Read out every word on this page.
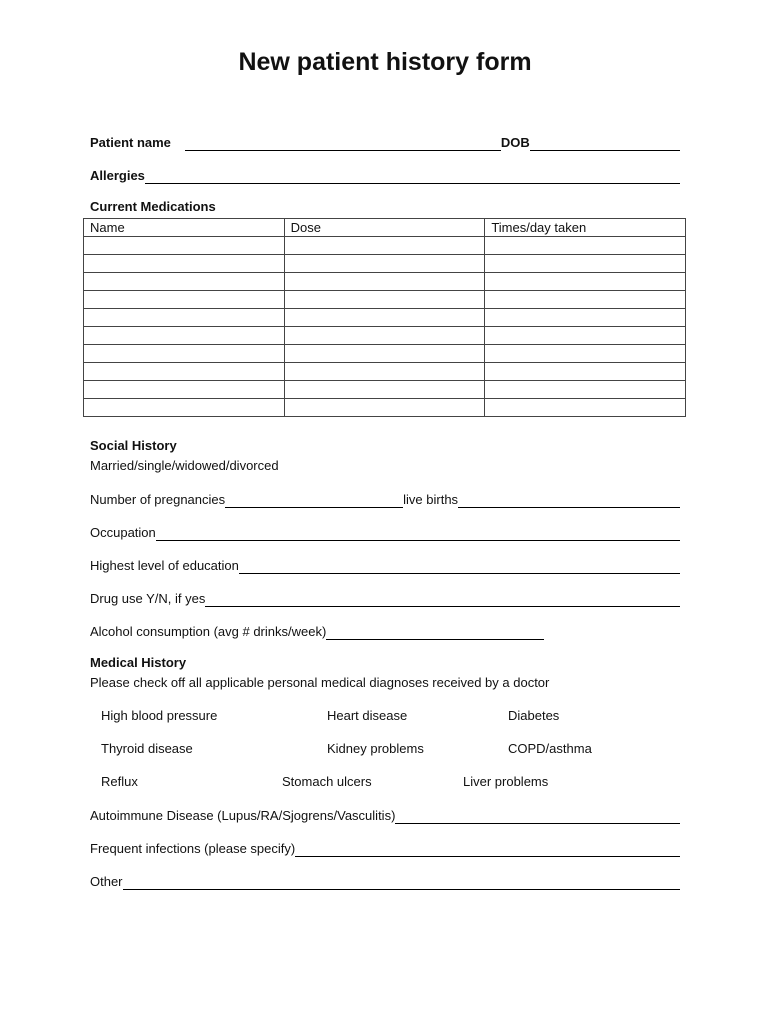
New patient history form
Patient name	DOB
Allergies
Current Medications
Name	Dose	Times/day taken

Social History
Married/single/widowed/divorced
Number of pregnancies	live births
Occupation
Highest level of education
Drug use Y/N, if yes
Alcohol consumption (avg # drinks/week)
Medical History
Please check off all applicable personal medical diagnoses received by a doctor
High blood pressure	Heart disease	Diabetes
Thyroid disease	Kidney problems	COPD/asthma
Reflux	Stomach ulcers	Liver problems
Autoimmune Disease (Lupus/RA/Sjogrens/Vasculitis)
Frequent infections (please specify)
Other
